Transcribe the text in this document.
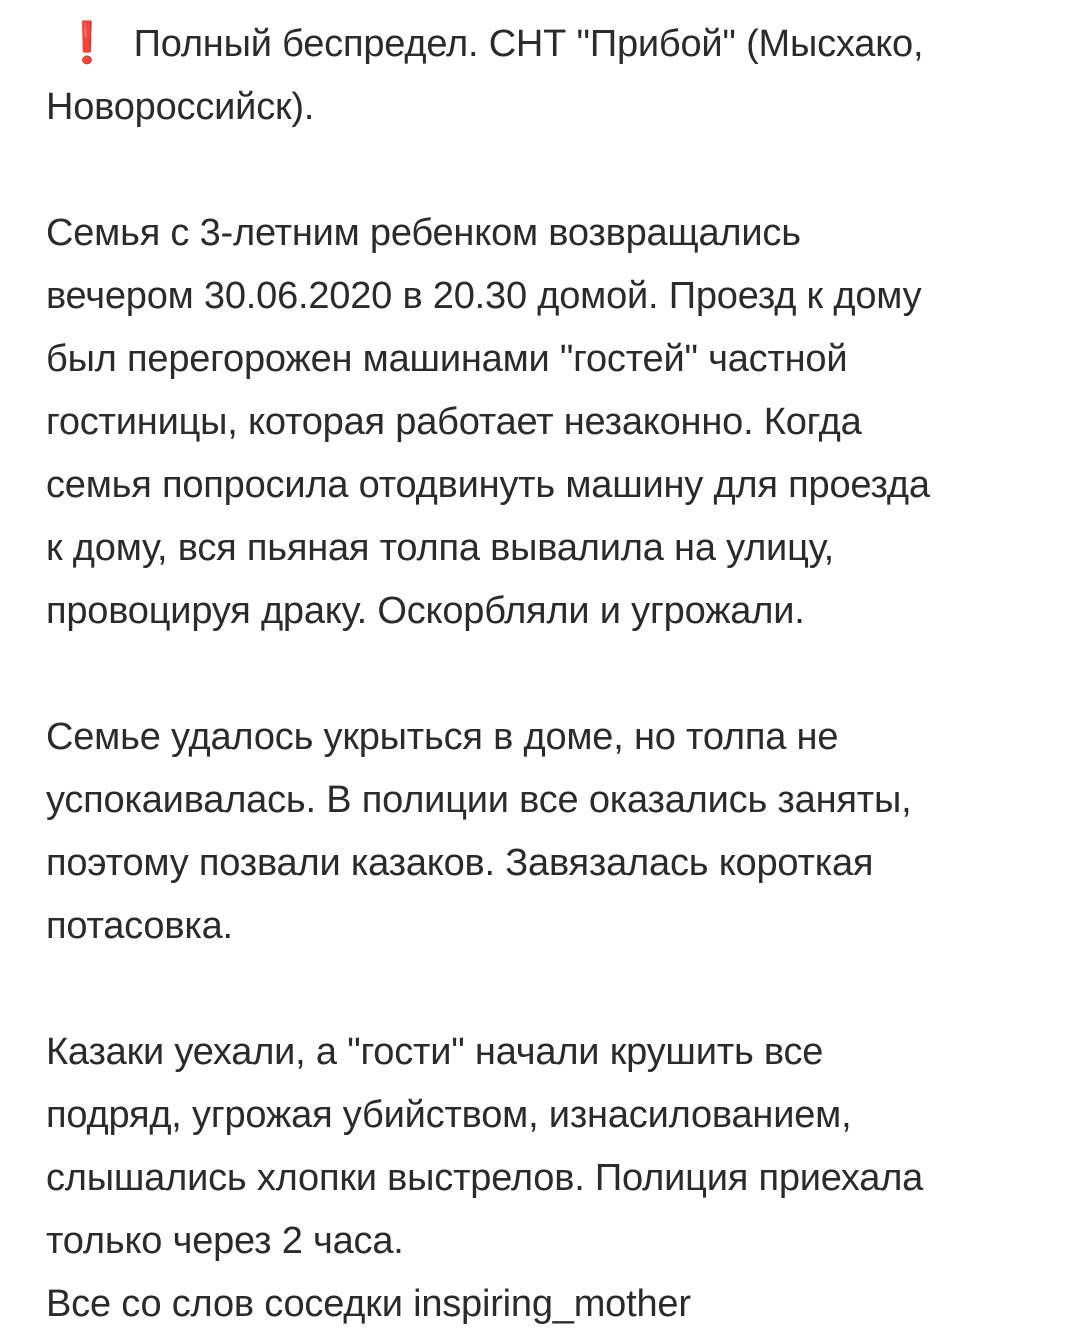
❗ Полный беспредел. СНТ "Прибой" (Мысхако,
Новороссийск).
Семья с 3-летним ребенком возвращались
вечером 30.06.2020 в 20.30 домой. Проезд к дому
был перегорожен машинами "гостей" частной
гостиницы, которая работает незаконно. Когда
семья попросила отодвинуть машину для проезда
к дому, вся пьяная толпа вывалила на улицу,
провоцируя драку. Оскорбляли и угрожали.
Семье удалось укрыться в доме, но толпа не
успокаивалась. В полиции все оказались заняты,
поэтому позвали казаков. Завязалась короткая
потасовка.
Казаки уехали, а "гости" начали крушить все
подряд, угрожая убийством, изнасилованием,
слышались хлопки выстрелов. Полиция приехала
только через 2 часа.
Все со слов соседки inspiring_mother
